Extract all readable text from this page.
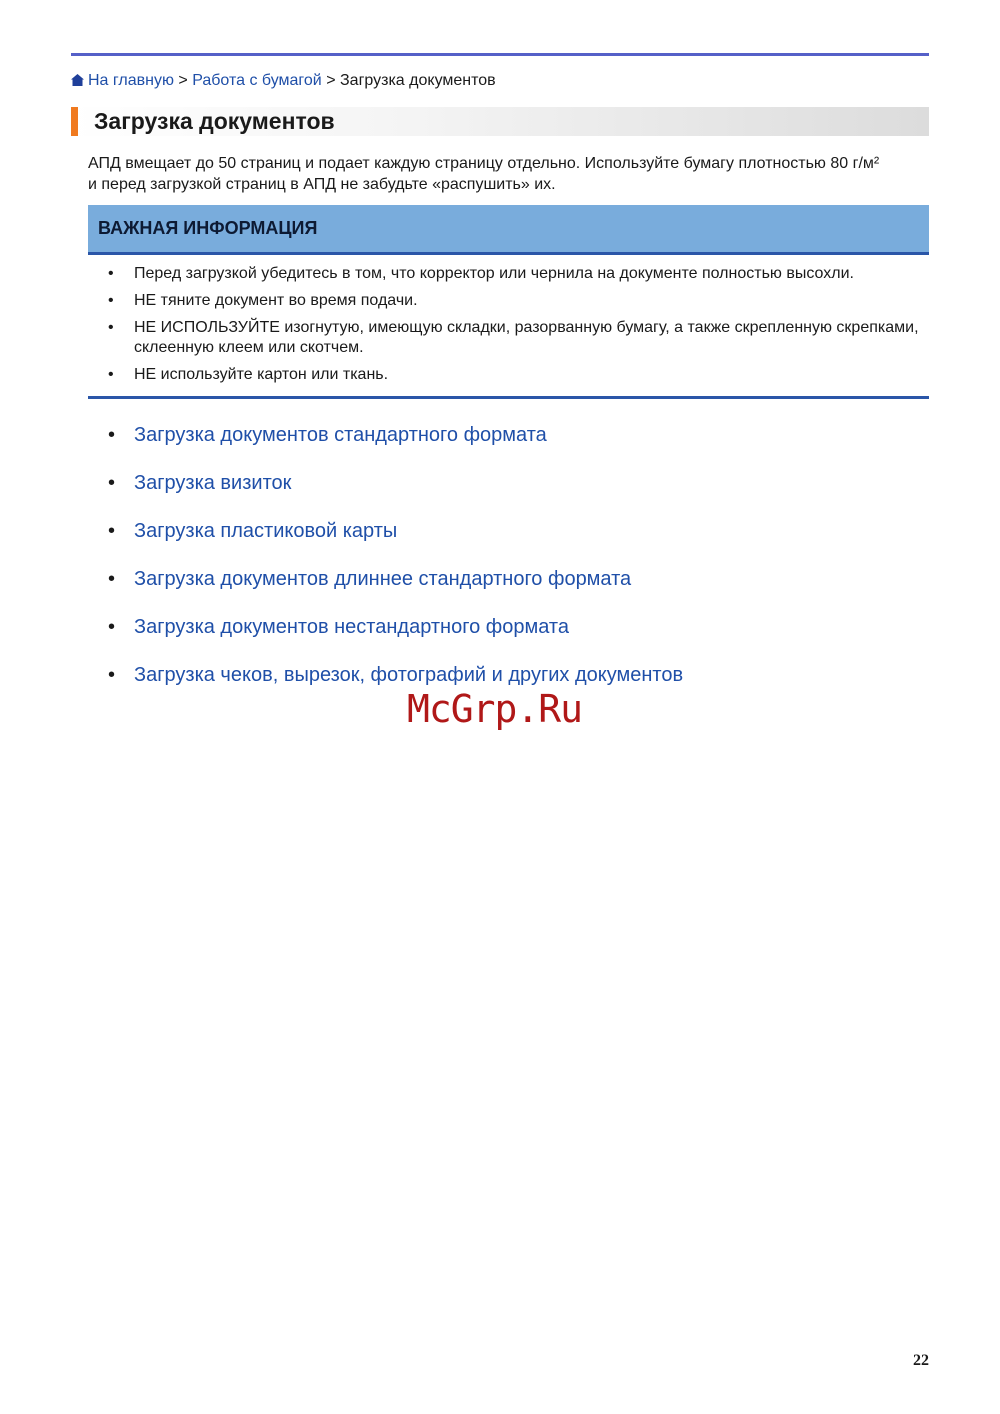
На главную > Работа с бумагой > Загрузка документов
Загрузка документов

АПД вмещает до 50 страниц и подает каждую страницу отдельно. Используйте бумагу плотностью 80 г/м²

и перед загрузкой страниц в АПД не забудьте «распушить» их.

ВАЖНАЯ ИНФОРМАЦИЯ
• Перед загрузкой убедитесь в том, что корректор или чернила на документе полностью высохли.
• НЕ тяните документ во время подачи.
• НЕ ИСПОЛЬЗУЙТЕ изогнутую, имеющую складки, разорванную бумагу, а также скрепленную скрепками, склеенную клеем или скотчем.
• НЕ используйте картон или ткань.
• Загрузка документов стандартного формата
• Загрузка визиток
• Загрузка пластиковой карты
• Загрузка документов длиннее стандартного формата
• Загрузка документов нестандартного формата
• Загрузка чеков, вырезок, фотографий и других документов
McGrp.Ru
22
